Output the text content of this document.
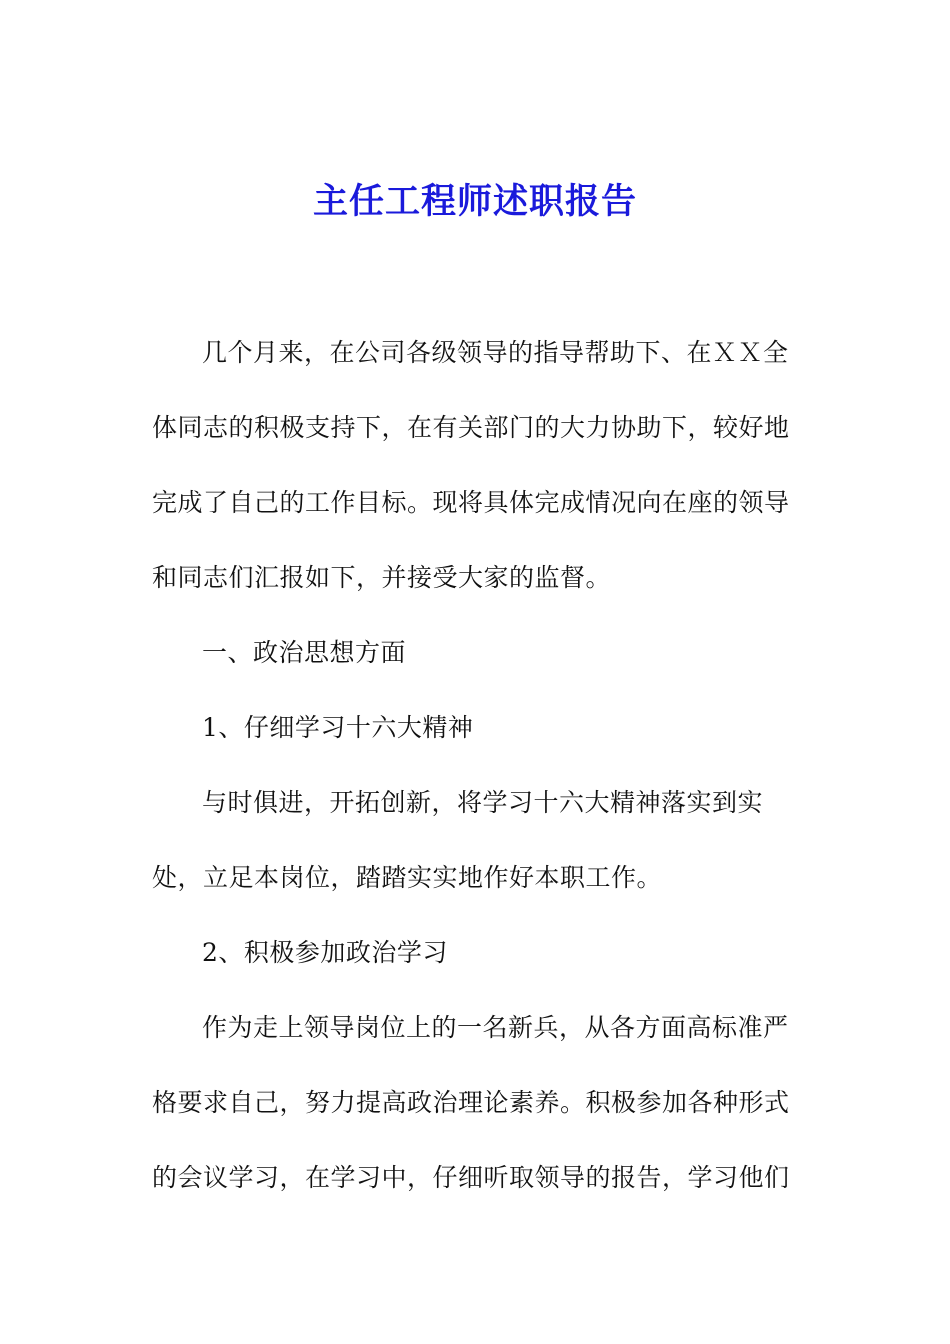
主任工程师述职报告
几个月来，在公司各级领导的指导帮助下、在ＸＸ全
体同志的积极支持下，在有关部门的大力协助下，较好地
完成了自己的工作目标。现将具体完成情况向在座的领导
和同志们汇报如下，并接受大家的监督。
一、政治思想方面
1、仔细学习十六大精神
与时俱进，开拓创新，将学习十六大精神落实到实
处，立足本岗位，踏踏实实地作好本职工作。
2、积极参加政治学习
作为走上领导岗位上的一名新兵，从各方面高标准严
格要求自己，努力提高政治理论素养。积极参加各种形式
的会议学习，在学习中，仔细听取领导的报告，学习他们
